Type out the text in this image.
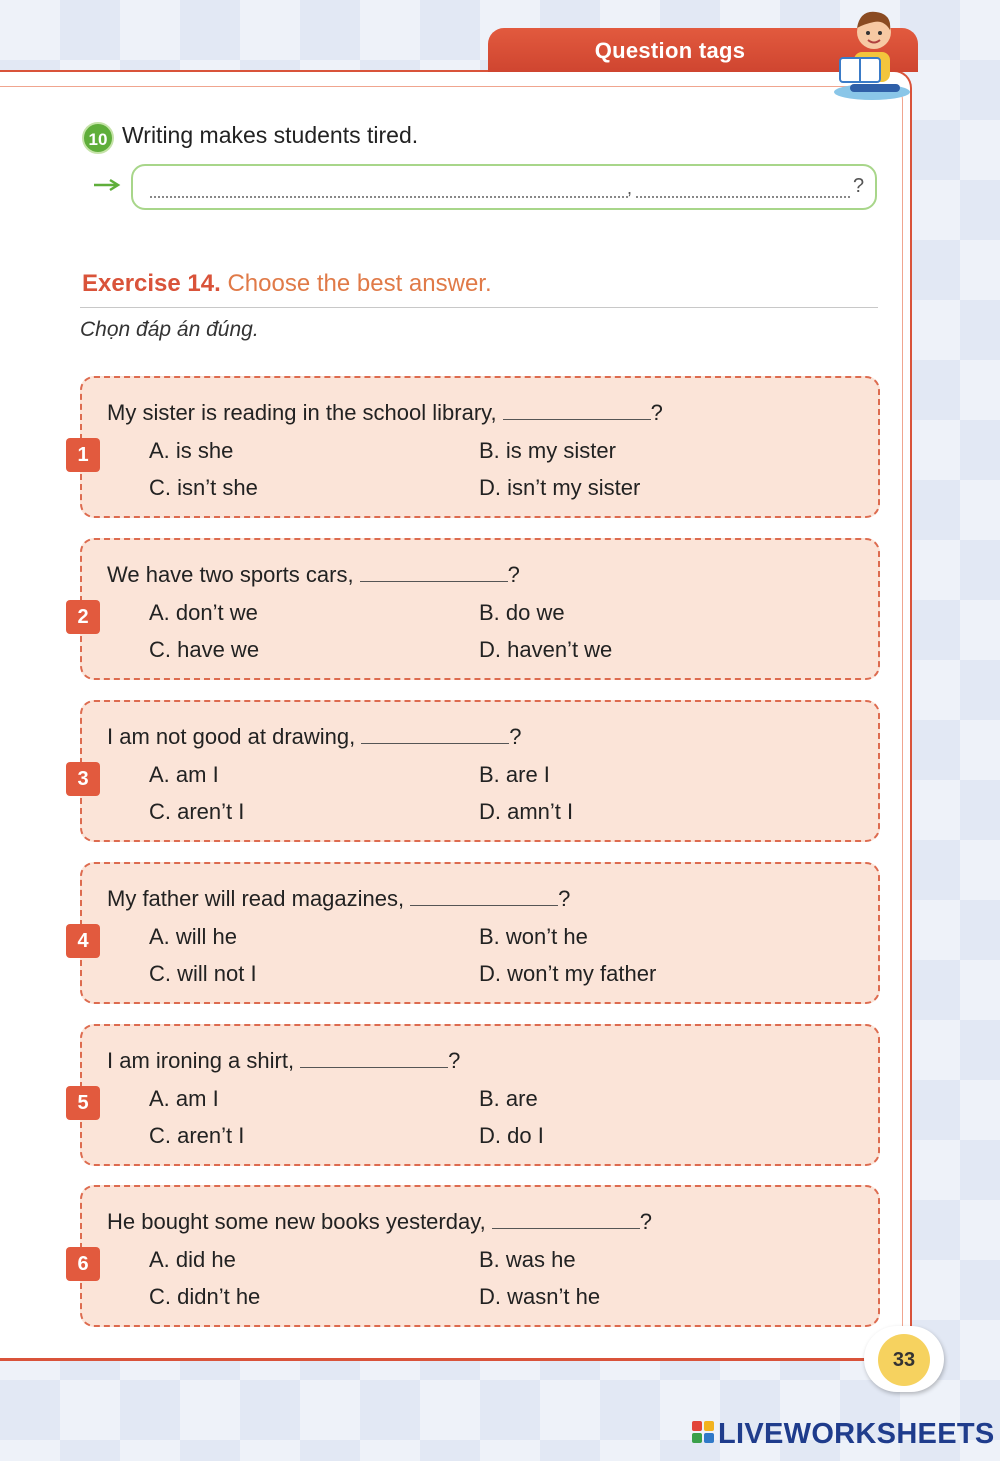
Question tags
10 Writing makes students tired.
,	?
Exercise 14. Choose the best answer.
Chọn đáp án đúng.
1
My sister is reading in the school library,	?
A. is she	B. is my sister
C. isn’t she	D. isn’t my sister
2
We have two sports cars,	?
A. don’t we	B. do we
C. have we	D. haven’t we
3
I am not good at drawing,	?
A. am I	B. are I
C. aren’t I	D. amn’t I
4
My father will read magazines,	?
A. will he	B. won’t he
C. will not I	D. won’t my father
5
I am ironing a shirt,	?
A. am I	B. are
C. aren’t I	D. do I
6
He bought some new books yesterday,	?
A. did he	B. was he
C. didn’t he	D. wasn’t he
33
LIVEWORKSHEETS
